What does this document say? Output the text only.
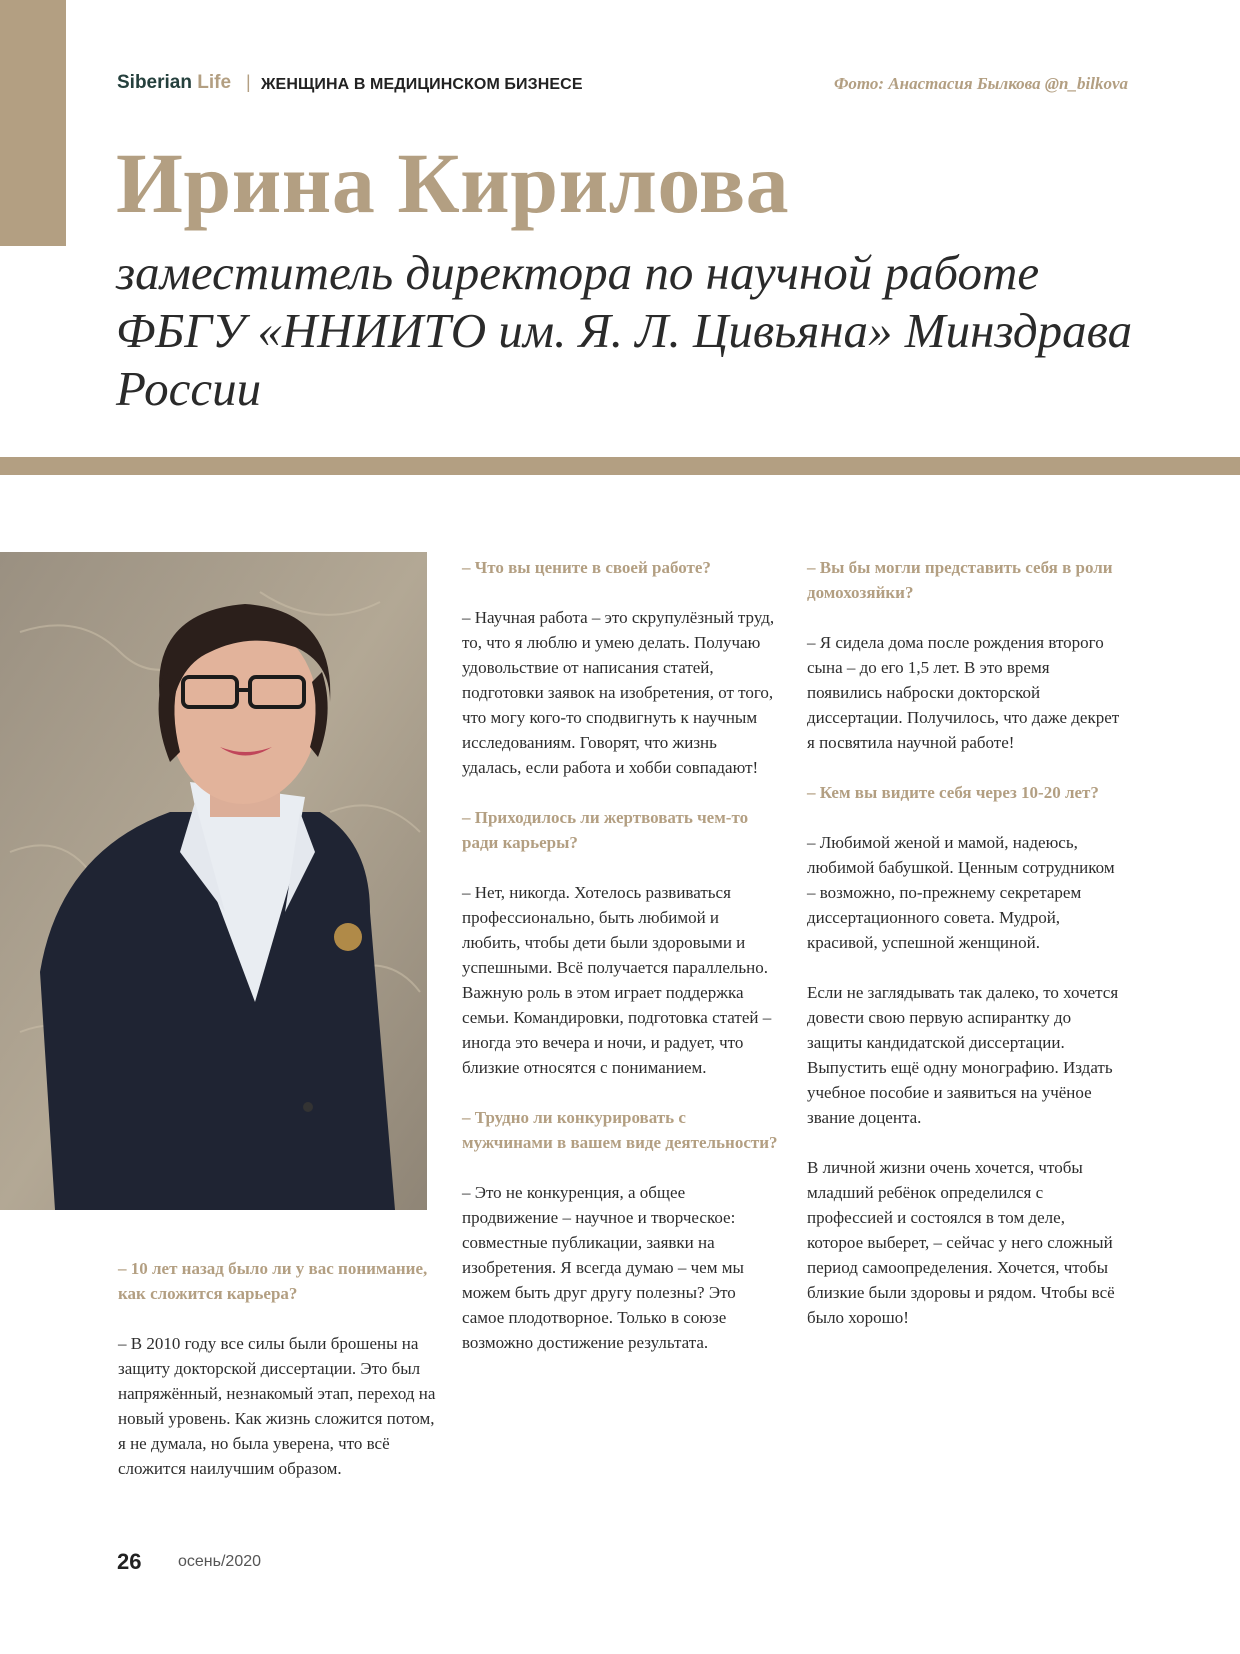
Siberian Life | ЖЕНЩИНА В МЕДИЦИНСКОМ БИЗНЕСЕ	Фото: Анастасия Былкова @n_bilkova
Ирина Кирилова

заместитель директора по научной работе ФБГУ «ННИИТО им. Я. Л. Цивьяна» Минздрава России

– 10 лет назад было ли у вас понимание, как сложится карьера?

– В 2010 году все силы были брошены на защиту докторской диссертации. Это был напряжённый, незнакомый этап, переход на новый уровень. Как жизнь сложится потом, я не думала, но была уверена, что всё сложится наилучшим образом.

– Что вы цените в своей работе?

– Научная работа – это скрупулёзный труд, то, что я люблю и умею делать. Получаю удовольствие от написания статей, подготовки заявок на изобретения, от того, что могу кого-то сподвигнуть к научным исследованиям. Говорят, что жизнь удалась, если работа и хобби совпадают!

– Приходилось ли жертвовать чем-то ради карьеры?

– Нет, никогда. Хотелось развиваться профессионально, быть любимой и любить, чтобы дети были здоровыми и успешными. Всё получается параллельно. Важную роль в этом играет поддержка семьи. Командировки, подготовка статей – иногда это вечера и ночи, и радует, что близкие относятся с пониманием.

– Трудно ли конкурировать с мужчинами в вашем виде деятельности?

– Это не конкуренция, а общее продвижение – научное и творческое: совместные публикации, заявки на изобретения. Я всегда думаю – чем мы можем быть друг другу полезны? Это самое плодотворное. Только в союзе возможно достижение результата.

– Вы бы могли представить себя в роли домохозяйки?

– Я сидела дома после рождения второго сына – до его 1,5 лет. В это время появились наброски докторской диссертации. Получилось, что даже декрет я посвятила научной работе!

– Кем вы видите себя через 10-20 лет?

– Любимой женой и мамой, надеюсь, любимой бабушкой. Ценным сотрудником – возможно, по-прежнему секретарем диссертационного совета. Мудрой, красивой, успешной женщиной.

Если не заглядывать так далеко, то хочется довести свою первую аспирантку до защиты кандидатской диссертации. Выпустить ещё одну монографию. Издать учебное пособие и заявиться на учёное звание доцента.

В личной жизни очень хочется, чтобы младший ребёнок определился с профессией и состоялся в том деле, которое выберет, – сейчас у него сложный период самоопределения. Хочется, чтобы близкие были здоровы и рядом. Чтобы всё было хорошо!

26 осень/2020
